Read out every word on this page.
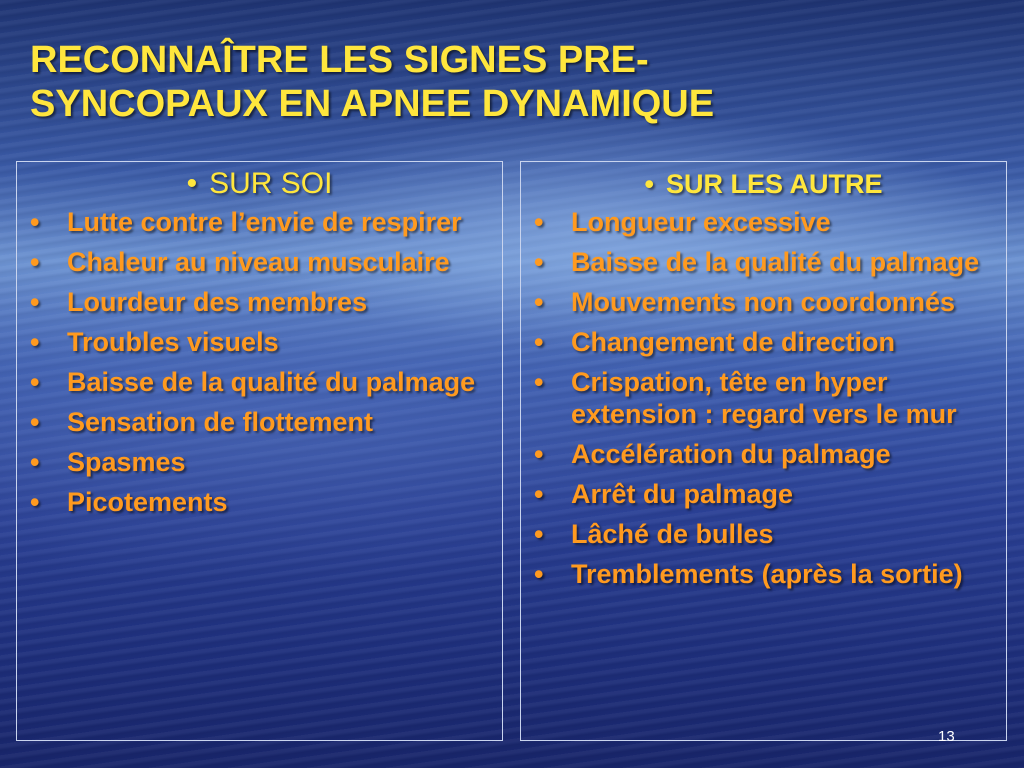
RECONNAÎTRE LES SIGNES PRE-
SYNCOPAUX EN APNEE DYNAMIQUE
• SUR SOI
• Lutte contre l’envie de respirer
• Chaleur au niveau musculaire
• Lourdeur des membres
• Troubles visuels
• Baisse de la qualité du palmage
• Sensation de flottement
• Spasmes
• Picotements
• SUR LES AUTRE
• Longueur excessive
• Baisse de la qualité du palmage
• Mouvements non coordonnés
• Changement de direction
• Crispation, tête en hyper extension : regard vers le mur
• Accélération du palmage
• Arrêt du palmage
• Lâché de bulles
• Tremblements (après la sortie)
13
